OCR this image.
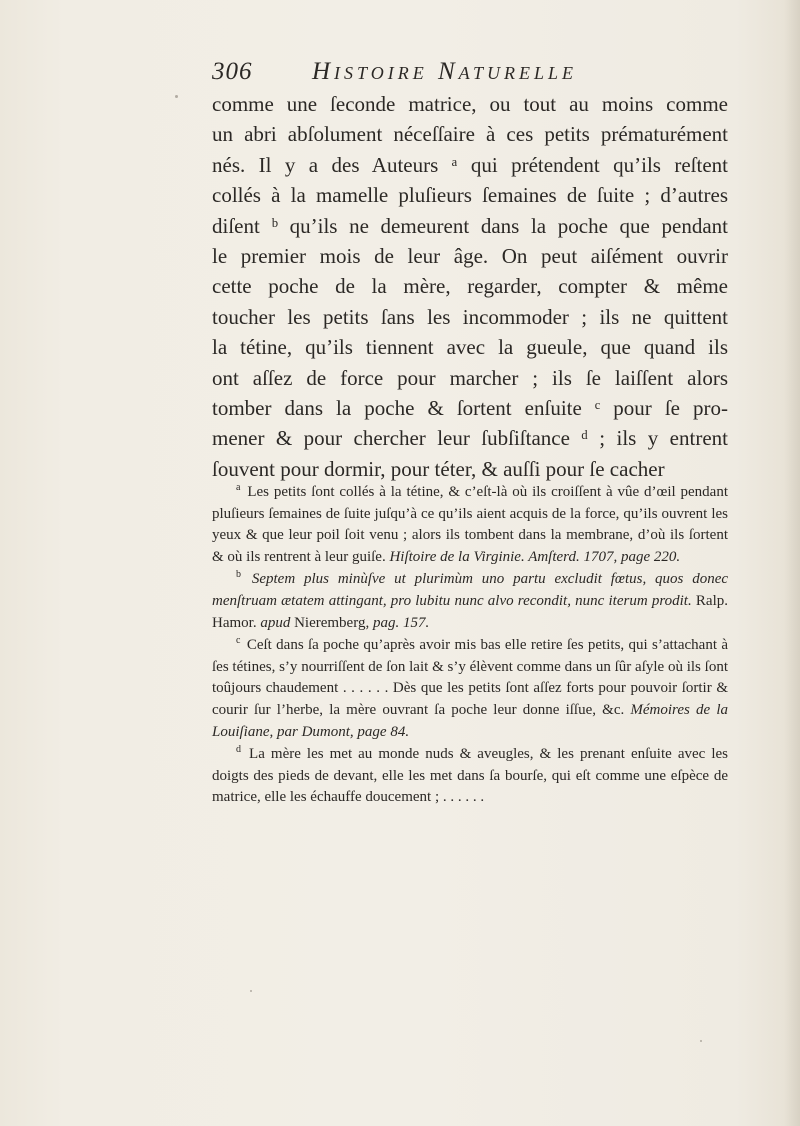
306 Histoire Naturelle
comme une ſeconde matrice, ou tout au moins comme
un abri abſolument néceſſaire à ces petits prématurément
nés. Il y a des Auteurs ᵃ qui prétendent qu’ils reſtent
collés à la mamelle pluſieurs ſemaines de ſuite ; d’autres
diſent ᵇ qu’ils ne demeurent dans la poche que pendant
le premier mois de leur âge. On peut aiſément ouvrir
cette poche de la mère, regarder, compter & même
toucher les petits ſans les incommoder ; ils ne quittent
la tétine, qu’ils tiennent avec la gueule, que quand ils
ont aſſez de force pour marcher ; ils ſe laiſſent alors
tomber dans la poche & ſortent enſuite ᶜ pour ſe pro-
mener & pour chercher leur ſubſiſtance ᵈ ; ils y entrent
ſouvent pour dormir, pour téter, & auſſi pour ſe cacher

$^a$ Les petits ſont collés à la tétine, & c’eſt-là où ils croiſſent à vûe d’œil pendant pluſieurs ſemaines de ſuite juſqu’à ce qu’ils aient acquis de la force, qu’ils ouvrent les yeux & que leur poil ſoit venu ; alors ils tombent dans la membrane, d’où ils ſortent & où ils rentrent à leur guiſe. Hiſtoire de la Virginie. Amſterd. 1707, page 220.

$^b$ Septem plus minùſve ut plurimùm uno partu excludit fœtus, quos donec menſtruam ætatem attingant, pro lubitu nunc alvo recondit, nunc iterum prodit. Ralp. Hamor. apud Nieremberg, pag. 157.

$^c$ Ceſt dans ſa poche qu’après avoir mis bas elle retire ſes petits, qui s’attachant à ſes tétines, s’y nourriſſent de ſon lait & s’y élèvent comme dans un ſûr aſyle où ils ſont toûjours chaudement . . . . . . Dès que les petits ſont aſſez forts pour pouvoir ſortir & courir ſur l’herbe, la mère ouvrant ſa poche leur donne iſſue, &c. Mémoires de la Louiſiane, par Dumont, page 84.

$^d$ La mère les met au monde nuds & aveugles, & les prenant enſuite avec les doigts des pieds de devant, elle les met dans ſa bourſe, qui eſt comme une eſpèce de matrice, elle les échauffe doucement ; . . . . . .
